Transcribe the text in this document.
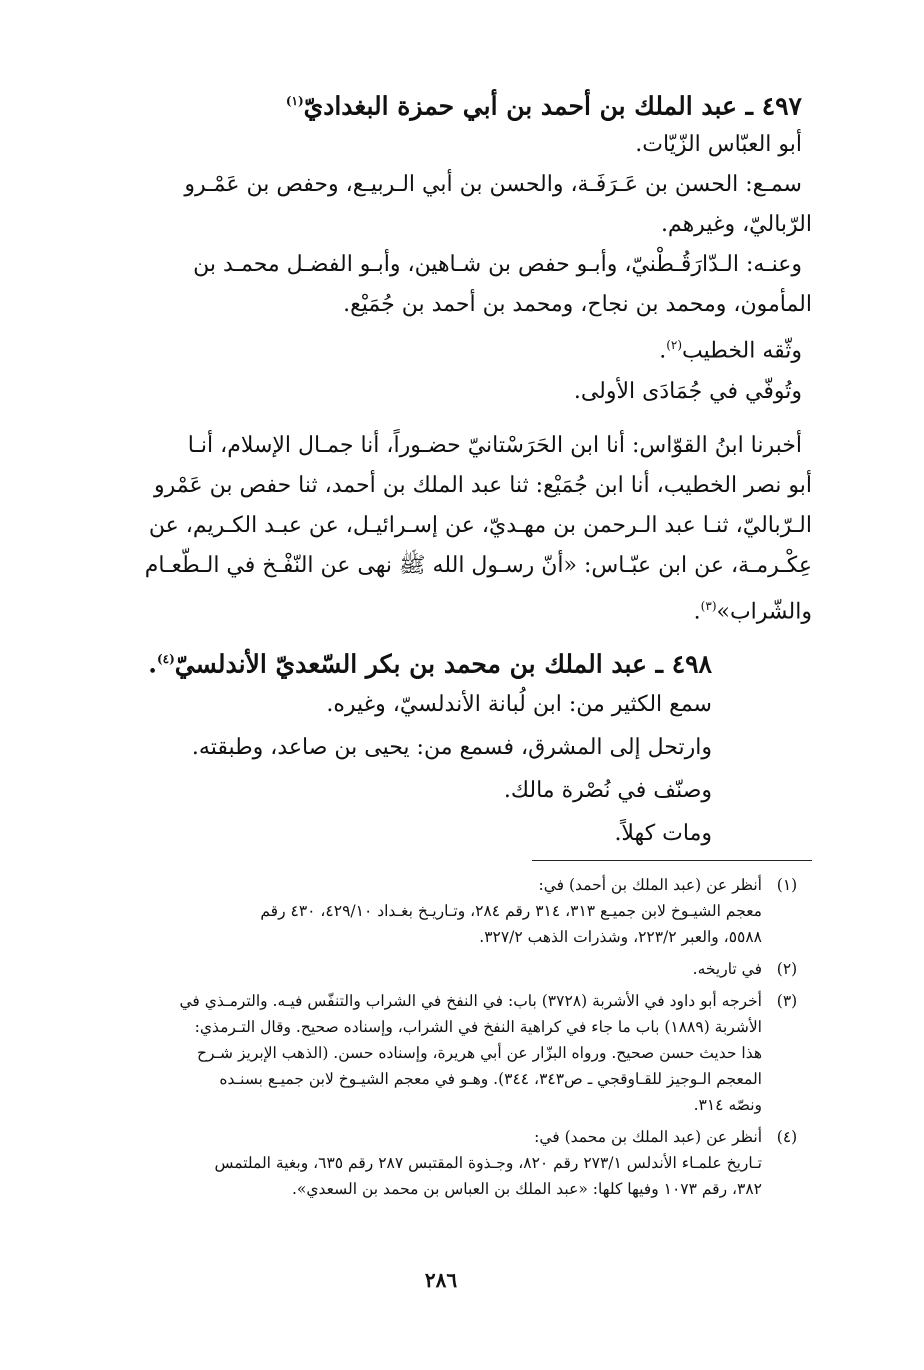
٤٩٧ ـ عبد الملك بن أحمد بن أبي حمزة البغداديّ$^{(١)}$

أبو العبّاس الزّيّات.

سمـع: الحسن بن عَـرَفَـة، والحسن بن أبي الـربيـع، وحفص بن عَمْـرو

الرّباليّ، وغيرهم.

وعنـه: الـدّارَقُـطْنيّ، وأبـو حفص بن شـاهين، وأبـو الفضـل محمـد بن

المأمون، ومحمد بن نجاح، ومحمد بن أحمد بن جُمَيْع.

وثّقه الخطيب$^{(٢)}$.

وتُوفّي في جُمَادَى الأولى.

أخبرنا ابنُ القوّاس: أنا ابن الحَرَسْتانيّ حضـوراً، أنا جمـال الإسلام، أنـا

أبو نصر الخطيب، أنا ابن جُمَيْع: ثنا عبد الملك بن أحمد، ثنا حفص بن عَمْرو

الـرّباليّ، ثنـا عبد الـرحمن بن مهـديّ، عن إسـرائيـل، عن عبـد الكـريم، عن

عِكْـرمـة، عن ابن عبّـاس: «أنّ رسـول الله ﷺ نهى عن النّفْـخ في الـطّعـام

والشّراب»$^{(٣)}$.

٤٩٨ ـ عبد الملك بن محمد بن بكر السّعديّ الأندلسيّ$^{(٤)}$.

سمع الكثير من: ابن لُبانة الأندلسيّ، وغيره.

وارتحل إلى المشرق، فسمع من: يحيى بن صاعد، وطبقته.

وصنّف في نُصْرة مالك.

ومات كهلاً.

(١)
أنظر عن (عبد الملك بن أحمد) في:
معجم الشيـوخ لابن جميـع ٣١٣، ٣١٤ رقم ٢٨٤، وتـاريـخ بغـداد ٤٢٩/١٠، ٤٣٠ رقم
٥٥٨٨، والعبر ٢٢٣/٢، وشذرات الذهب ٣٢٧/٢.
(٢)
في تاريخه.
(٣)
أخرجه أبو داود في الأشربة (٣٧٢٨) باب: في النفخ في الشراب والتنفّس فيـه. والترمـذي في
الأشربة (١٨٨٩) باب ما جاء في كراهية النفخ في الشراب، وإسناده صحيح. وقال التـرمذي:
هذا حديث حسن صحيح. ورواه البزّار عن أبي هريرة، وإسناده حسن. (الذهب الإبريز شـرح
المعجم الـوجيز للقـاوقجي ـ ص٣٤٣، ٣٤٤). وهـو في معجم الشيـوخ لابن جميـع بسنـده
ونصّه ٣١٤.
(٤)
أنظر عن (عبد الملك بن محمد) في:
تـاريخ علمـاء الأندلس ٢٧٣/١ رقم ٨٢٠، وجـذوة المقتبس ٢٨٧ رقم ٦٣٥، وبغية الملتمس
٣٨٢، رقم ١٠٧٣ وفيها كلها: «عبد الملك بن العباس بن محمد بن السعدي».
٢٨٦
